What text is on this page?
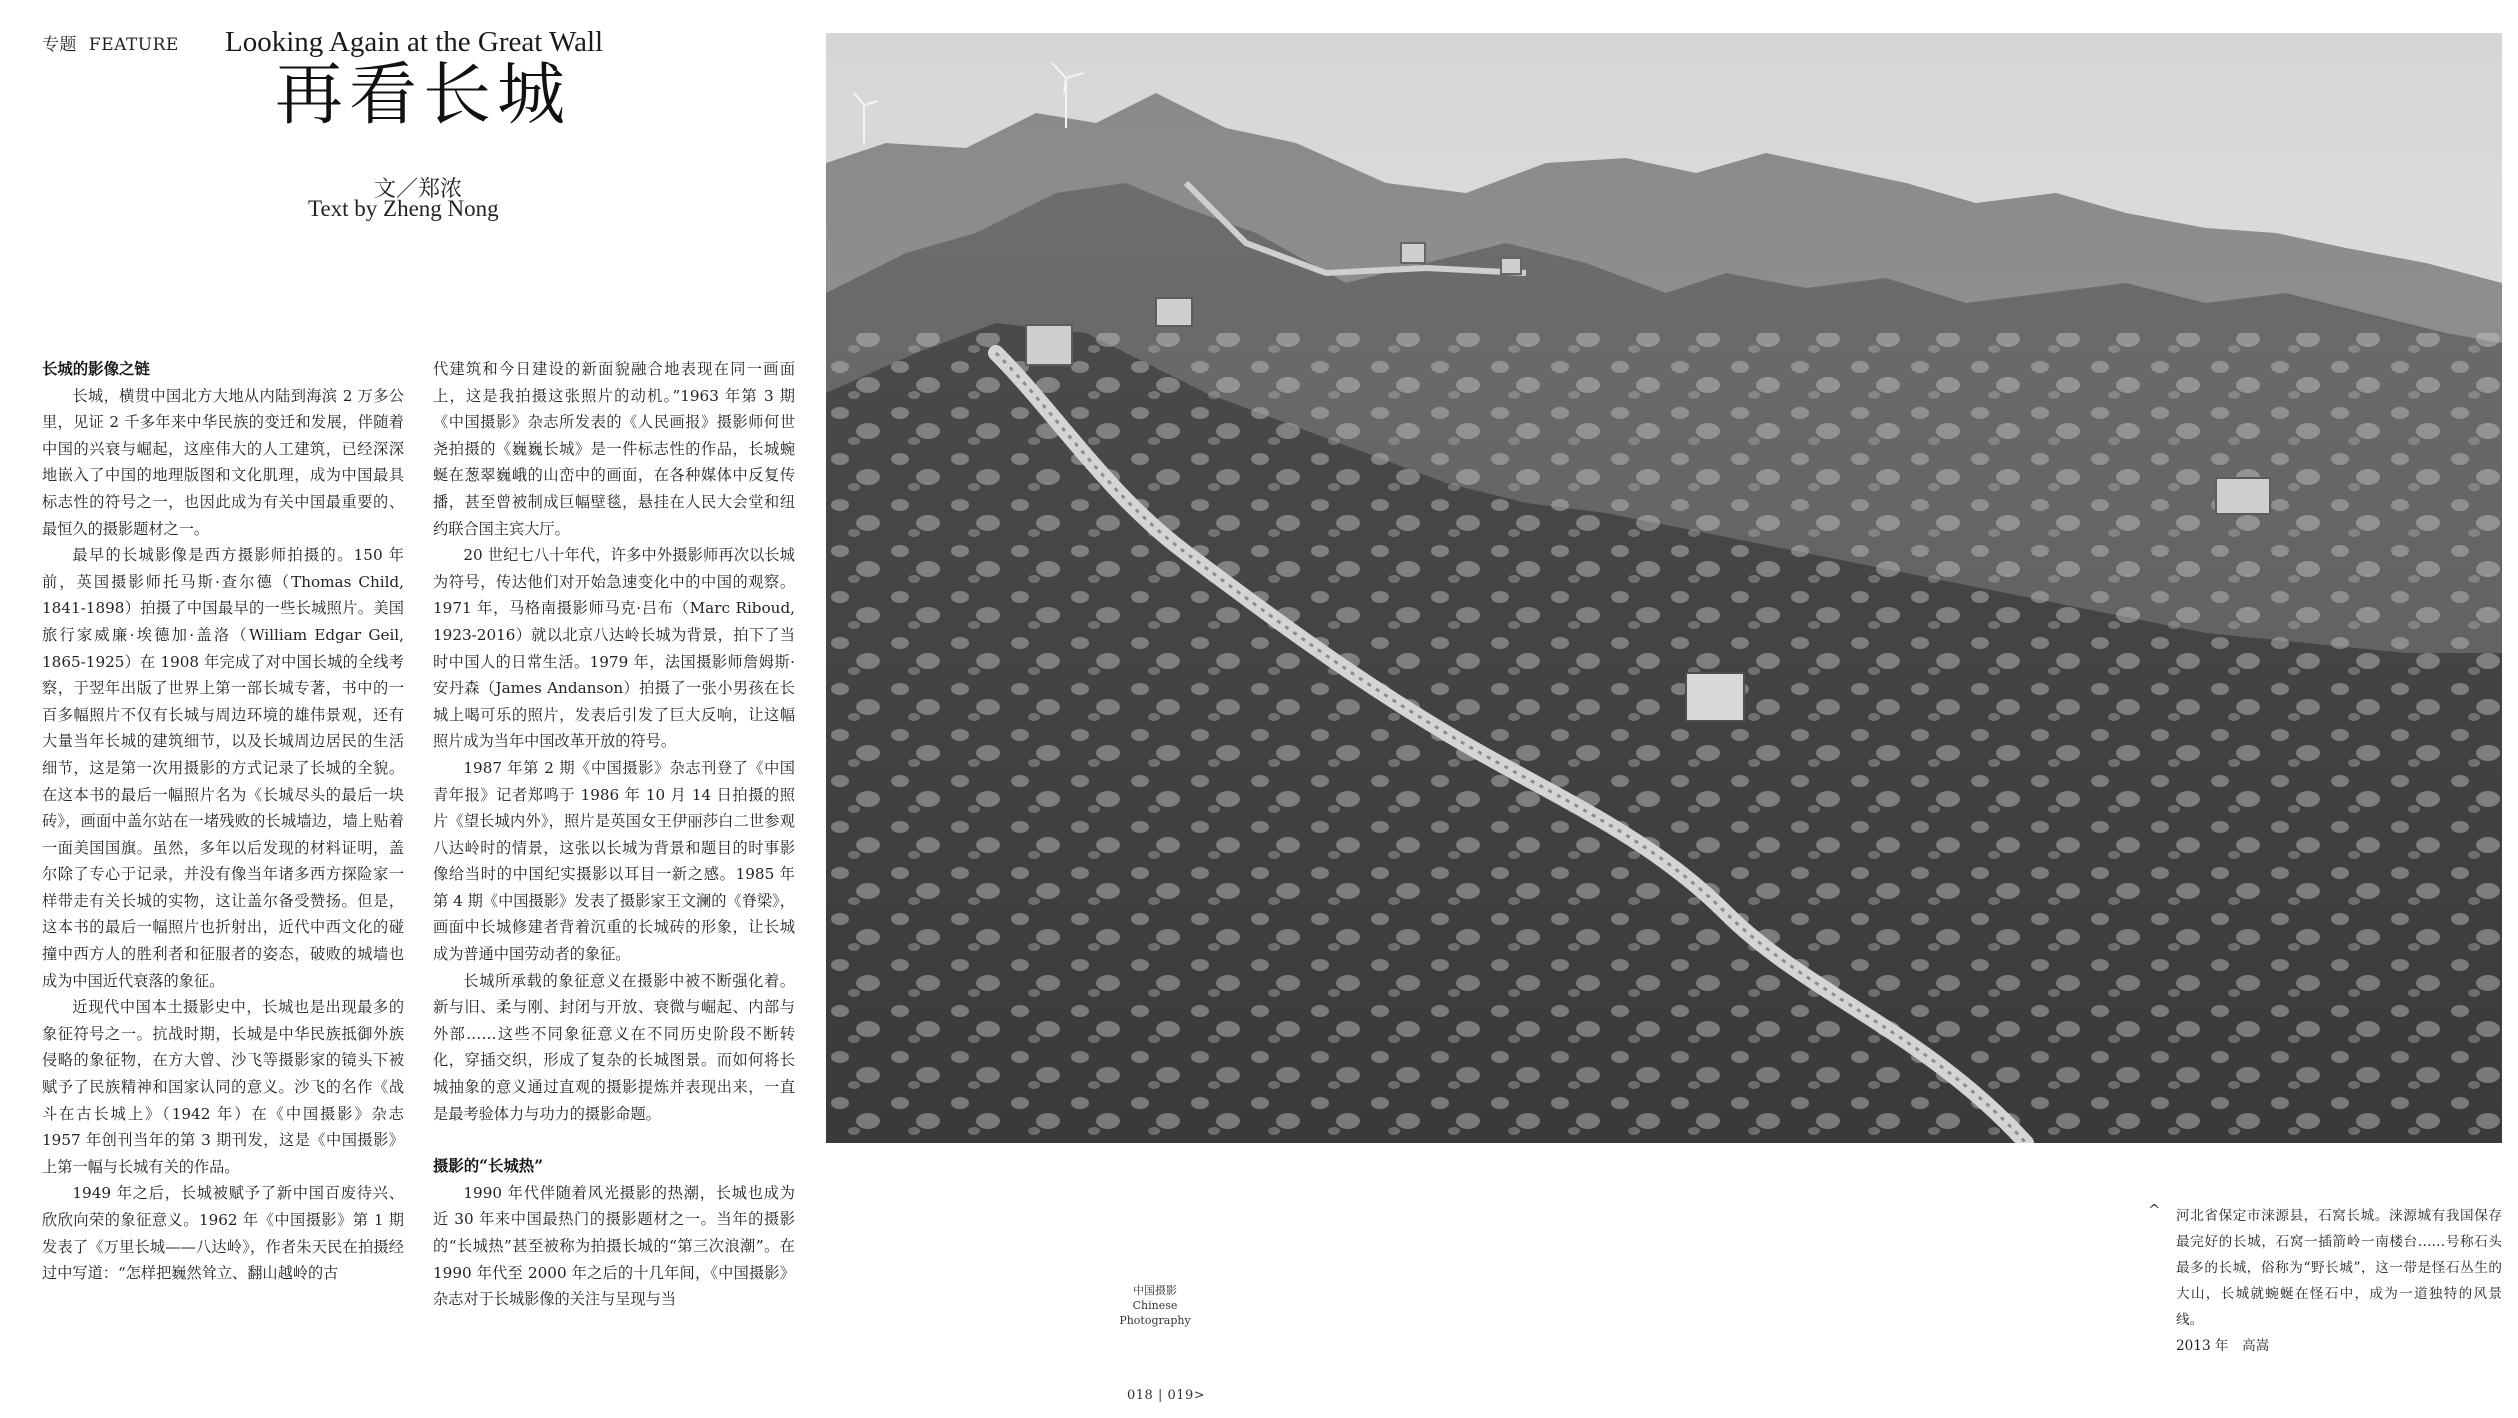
专题 FEATURE Looking Again at the Great Wall
再看长城
文／郑浓
Text by Zheng Nong
长城的影像之链

长城，横贯中国北方大地从内陆到海滨 2 万多公里，见证 2 千多年来中华民族的变迁和发展，伴随着中国的兴衰与崛起，这座伟大的人工建筑，已经深深地嵌入了中国的地理版图和文化肌理，成为中国最具标志性的符号之一，也因此成为有关中国最重要的、最恒久的摄影题材之一。

最早的长城影像是西方摄影师拍摄的。150 年前，英国摄影师托马斯·查尔德（Thomas Child, 1841-1898）拍摄了中国最早的一些长城照片。美国旅行家威廉·埃德加·盖洛（William Edgar Geil, 1865-1925）在 1908 年完成了对中国长城的全线考察，于翌年出版了世界上第一部长城专著，书中的一百多幅照片不仅有长城与周边环境的雄伟景观，还有大量当年长城的建筑细节，以及长城周边居民的生活细节，这是第一次用摄影的方式记录了长城的全貌。在这本书的最后一幅照片名为《长城尽头的最后一块砖》，画面中盖尔站在一堵残败的长城墙边，墙上贴着一面美国国旗。虽然，多年以后发现的材料证明，盖尔除了专心于记录，并没有像当年诸多西方探险家一样带走有关长城的实物，这让盖尔备受赞扬。但是，这本书的最后一幅照片也折射出，近代中西文化的碰撞中西方人的胜利者和征服者的姿态，破败的城墙也成为中国近代衰落的象征。

近现代中国本土摄影史中，长城也是出现最多的象征符号之一。抗战时期，长城是中华民族抵御外族侵略的象征物，在方大曾、沙飞等摄影家的镜头下被赋予了民族精神和国家认同的意义。沙飞的名作《战斗在古长城上》（1942 年）在《中国摄影》杂志 1957 年创刊当年的第 3 期刊发，这是《中国摄影》上第一幅与长城有关的作品。

1949 年之后，长城被赋予了新中国百废待兴、欣欣向荣的象征意义。1962 年《中国摄影》第 1 期发表了《万里长城——八达岭》，作者朱天民在拍摄经过中写道：“怎样把巍然耸立、翻山越岭的古

代建筑和今日建设的新面貌融合地表现在同一画面上，这是我拍摄这张照片的动机。”1963 年第 3 期《中国摄影》杂志所发表的《人民画报》摄影师何世尧拍摄的《巍巍长城》是一件标志性的作品，长城蜿蜒在葱翠巍峨的山峦中的画面，在各种媒体中反复传播，甚至曾被制成巨幅壁毯，悬挂在人民大会堂和纽约联合国主宾大厅。

20 世纪七八十年代，许多中外摄影师再次以长城为符号，传达他们对开始急速变化中的中国的观察。1971 年，马格南摄影师马克·吕布（Marc Riboud, 1923-2016）就以北京八达岭长城为背景，拍下了当时中国人的日常生活。1979 年，法国摄影师詹姆斯·安丹森（James Andanson）拍摄了一张小男孩在长城上喝可乐的照片，发表后引发了巨大反响，让这幅照片成为当年中国改革开放的符号。

1987 年第 2 期《中国摄影》杂志刊登了《中国青年报》记者郑鸣于 1986 年 10 月 14 日拍摄的照片《望长城内外》，照片是英国女王伊丽莎白二世参观八达岭时的情景，这张以长城为背景和题目的时事影像给当时的中国纪实摄影以耳目一新之感。1985 年第 4 期《中国摄影》发表了摄影家王文澜的《脊梁》，画面中长城修建者背着沉重的长城砖的形象，让长城成为普通中国劳动者的象征。

长城所承载的象征意义在摄影中被不断强化着。新与旧、柔与刚、封闭与开放、衰微与崛起、内部与外部……这些不同象征意义在不同历史阶段不断转化，穿插交织，形成了复杂的长城图景。而如何将长城抽象的意义通过直观的摄影提炼并表现出来，一直是最考验体力与功力的摄影命题。

摄影的“长城热”

1990 年代伴随着风光摄影的热潮，长城也成为近 30 年来中国最热门的摄影题材之一。当年的摄影的“长城热”甚至被称为拍摄长城的“第三次浪潮”。在 1990 年代至 2000 年之后的十几年间，《中国摄影》杂志对于长城影像的关注与呈现与当

^ 河北省保定市涞源县，石窝长城。涞源城有我国保存最完好的长城，石窝一插箭岭一南楼台……号称石头最多的长城，俗称为“野长城”，这一带是怪石丛生的大山，长城就蜿蜒在怪石中，成为一道独特的风景线。
2013 年　高嵩
中国摄影
Chinese
Photography
018 | 019>
